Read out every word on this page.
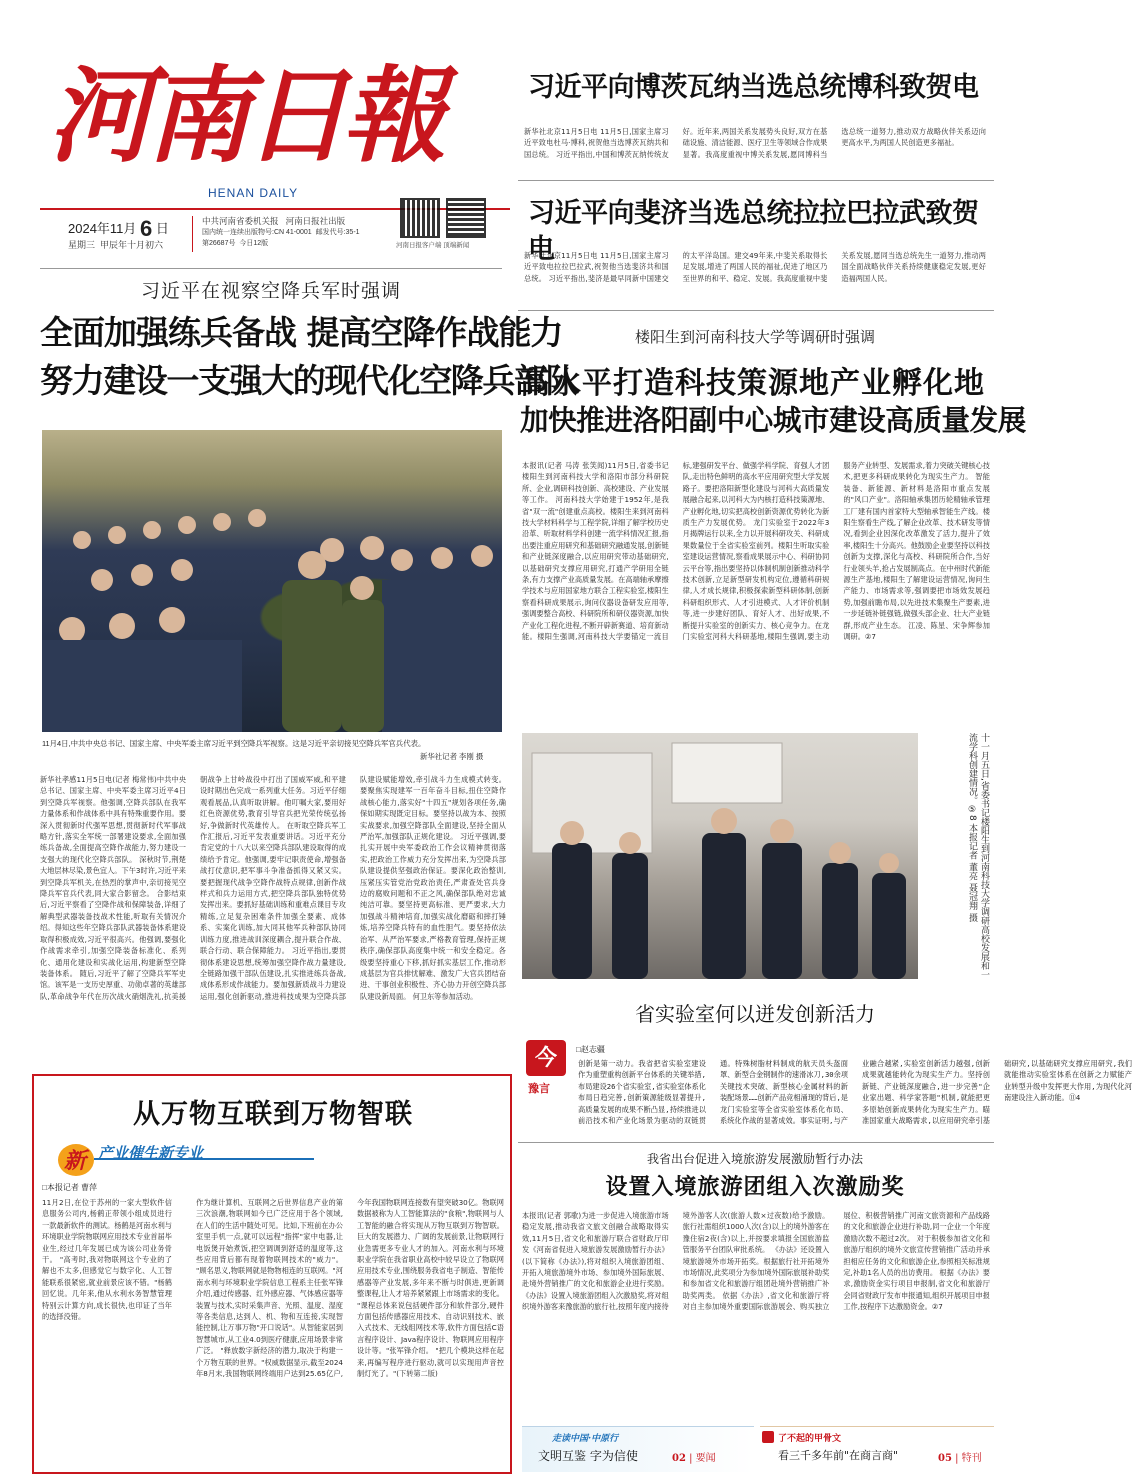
河南日報
HENAN DAILY
2024年11月 6 日
星期三 甲辰年十月初六
中共河南省委机关报 河南日报社出版
国内统一连续出版物号:CN 41-0001 邮发代号:35-1
第26687号 今日12版	河南日报客户端 顶端新闻
习近平向博茨瓦纳当选总统博科致贺电
新华社北京11月5日电 11月5日,国家主席习近平致电杜马·博科,祝贺他当选博茨瓦纳共和国总统。 习近平指出,中国和博茨瓦纳传统友好。近年来,两国关系发展势头良好,双方在基础设施、清洁能源、医疗卫生等领域合作成果显著。我高度重视中博关系发展,愿同博科当选总统一道努力,推动双方战略伙伴关系迈向更高水平,为两国人民创造更多福祉。
习近平向斐济当选总统拉拉巴拉武致贺电
新华社北京11月5日电 11月5日,国家主席习近平致电拉拉巴拉武,祝贺他当选斐济共和国总统。 习近平指出,斐济是最早同新中国建交的太平洋岛国。建交49年来,中斐关系取得长足发展,增进了两国人民的福祉,促进了地区乃至世界的和平、稳定、发展。我高度重视中斐关系发展,愿同当选总统先生一道努力,推动两国全面战略伙伴关系持续健康稳定发展,更好造福两国人民。
习近平在视察空降兵军时强调
全面加强练兵备战 提高空降作战能力
努力建设一支强大的现代化空降兵部队
11月4日,中共中央总书记、国家主席、中央军委主席习近平到空降兵军视察。这是习近平亲切接见空降兵军官兵代表。
新华社记者 李刚 摄
新华社孝感11月5日电(记者 梅常伟)中共中央总书记、国家主席、中央军委主席习近平4日到空降兵军视察。他强调,空降兵部队在我军力量体系和作战体系中具有特殊重要作用。要深入贯彻新时代强军思想,贯彻新时代军事战略方针,落实全军统一部署建设要求,全面加强练兵备战,全面提高空降作战能力,努力建设一支强大的现代化空降兵部队。 深秋时节,荆楚大地层林尽染,景色宜人。下午3时许,习近平来到空降兵军机关,在热烈的掌声中,亲切接见空降兵军官兵代表,同大家合影留念。 合影结束后,习近平察看了空降作战和保障装备,详细了解典型武器装备技战术性能,听取有关情况介绍。得知这些年空降兵部队武器装备体系建设取得积极成效,习近平很高兴。他强调,要强化作战需求牵引,加强空降装备标准化、系列化、通用化建设和实战化运用,构建新型空降装备体系。 随后,习近平了解了空降兵军军史馆。该军是一支历史厚重、功勋卓著的英雄部队,革命战争年代在历次战火硝烟洗礼,抗美援朝战争上甘岭战役中打出了国威军威,和平建设时期出色完成一系列重大任务。习近平仔细观看展品,认真听取讲解。他叮嘱大家,要用好红色资源优势,教育引导官兵把光荣传统弘扬好,争做新时代英雄传人。 在听取空降兵军工作汇报后,习近平发表重要讲话。习近平充分肯定党的十八大以来空降兵部队建设取得的成绩给予肯定。他强调,要牢记职责使命,增强备战打仗意识,把军事斗争准备抓得又紧又实。要把握现代战争空降作战特点规律,创新作战样式和兵力运用方式,把空降兵部队独特优势发挥出来。要抓好基础训练和重难点课目专攻精练,立足复杂困难条件加强全要素、成体系、实案化训练,加大同其他军兵种部队协同训练力度,推进战训深度耦合,提升联合作战、联合行动、联合保障能力。 习近平指出,要贯彻体系建设思想,统筹加强空降作战力量建设,全链路加强干部队伍建设,扎实推进练兵备战,成体系形成作战能力。要加强新质战斗力建设运用,强化创新驱动,推进科技成果为空降兵部队建设赋能增效,牵引战斗力生成模式转变。要聚焦实现建军一百年奋斗目标,扭住空降作战核心能力,落实好"十四五"规划各项任务,确保如期实现既定目标。要坚持以战为本、按照实战要求,加强空降部队全面建设,坚持全面从严治军,加强部队正规化建设。 习近平强调,要扎实开展中央军委政治工作会议精神贯彻落实,把政治工作威力充分发挥出来,为空降兵部队建设提供坚强政治保证。要深化政治整训,压紧压实管党治党政治责任,严肃查处官兵身边的腐败问题和不正之风,确保部队绝对忠诚纯洁可靠。要坚持更高标准、更严要求,大力加强战斗精神培育,加强实战化磨砺和摔打锤炼,培养空降兵特有的血性胆气。要坚持依法治军、从严治军要求,严格教育管理,保持正规秩序,确保部队高度集中统一和安全稳定。各级要坚持重心下移,抓好抓实基层工作,推动形成基层为官兵排忧解难、激发广大官兵团结奋进、干事创业积极性、齐心协力开创空降兵部队建设新局面。 何卫东等参加活动。
从万物互联到万物智联
新 产业催生新专业
□本报记者 曹萍
11月2日,在位于苏州的一家大型软件信息服务公司内,杨鹤正带领小组成员进行一款最新软件的测试。杨鹤是河南水利与环境职业学院物联网应用技术专业首届毕业生,经过几年发展已成为该公司业务骨干。 "高考时,我对物联网这个专业的了解也不太多,但感觉它与数字化、人工智能联系很紧密,就业前景应该不错。"杨鹤回忆说。几年来,他从水利水务智慧管理特别云计算方向,成长很快,也印证了当年的选择没错。
作为继计算机、互联网之后世界信息产业的第三次浪潮,物联网如今已广泛应用于各个领域,在人们的生活中随处可见。比如,下班前在办公室里手机一点,就可以远程"指挥"家中电器,让电饭煲开始煮饭,把空调调到舒适的温度等,这些应用背后都有现着物联网技术的"威力"。 "顾名思义,物联网就是物物相连的互联网。"河南水利与环境职业学院信息工程系主任张军锋介绍,通过传感器、红外感应器、气体感应器等装置与技术,实时采集声音、光照、温度、湿度等各类信息,达到人、机、物和互连接,实现智能控制,让万事万物"开口说话"。从智能家居到智慧城市,从工业4.0到医疗健康,应用场景非常广泛。 "释放数字新经济的潜力,取决于构建一个万物互联的世界。"权威数据显示,截至2024年8月末,我国物联网终端用户达到25.65亿户,今年我国物联网连接数有望突破30亿。物联网数据被称为人工智能算法的"食粮",物联网与人工智能的融合将实现从万物互联到万物智联。 巨大的发展潜力、广阔的发展前景,让物联网行业急需更多专业人才的加入。河南水利与环境职业学院在我省职业高校中较早设立了物联网应用技术专业,围绕服务我省电子制造、智能传感器等产业发展,多年来不断与时俱进,更新调整课程,让人才培养紧紧跟上市场需求的变化。 "课程总体来说包括硬件部分和软件部分,硬件方面包括传感器应用技术、自动识别技术、嵌入式技术、无线组网技术等,软件方面包括C语言程序设计、Java程序设计、物联网应用程序设计等。"张军锋介绍。 "把几个模块这样在起来,再编写程序进行驱动,就可以实现用声音控制灯光了。"(下转第二版)
楼阳生到河南科技大学等调研时强调
高水平打造科技策源地产业孵化地
加快推进洛阳副中心城市建设高质量发展
本报讯(记者 马涛 张笑闻)11月5日,省委书记楼阳生到河南科技大学和洛阳市部分科研院所、企业,调研科技创新、高校建设、产业发展等工作。 河南科技大学始建于1952年,是我省"双一流"创建重点高校。楼阳生来到河南科技大学材料科学与工程学院,详细了解学校历史沿革、听取材料学科创建一流学科情况汇报,指出要注重应用研究和基础研究融通发展,创新链和产业链深度融合,以应用研究带动基础研究,以基础研究支撑应用研究,打通产学研用全链条,有力支撑产业高质量发展。在高端轴承摩擦学技术与应用国家地方联合工程实验室,楼阳生察看科研成果展示,询问仪器设备研发应用等,强调要整合高校、科研院所和研仪器资源,加快产业化工程化进程,不断开辟新赛道、培育新动能。楼阳生强调,河南科技大学要锚定一流目标,建强研发平台、做强学科学院、育强人才团队,走出特色鲜明的高水平应用研究型大学发展路子。要把洛阳新型化建设与河科大高质量发展融合起来,以河科大为内核打造科技策源地、产业孵化地,切实把高校创新资源优势转化为新质生产力发展优势。 龙门实验室于2022年3月揭牌运行以来,全力以开展科研攻关、科研成果数量位于全省实验室前列。楼阳生听取实验室建设运营情况,察看成果展示中心、科研协同云平台等,指出要坚持以体制机制创新推动科学技术创新,立足新型研发机构定位,遵循科研规律,人才成长规律,积极探索新型科研体制,创新科研组织形式、人才引进模式、人才评价机制等,进一步建好团队、育好人才、出好成果,不断提升实验室的创新实力、核心竞争力。在龙门实验室河科大科研基地,楼阳生强调,要主动服务产业转型、发展需求,着力突破关键核心技术,把更多科研成果转化为现实生产力。 智能装备、新能源、新材料是洛阳市重点发展的"风口产业"。洛阳轴承集团历轮精轴承管理工厂建有国内首家特大型轴承智能生产线。楼阳生察看生产线,了解企业改革、技术研发等情况,看到企业因深化改革激发了活力,提升了效率,楼阳生十分高兴。他鼓励企业要坚持以科技创新为支撑,深化与高校、科研院所合作,当好行业领头羊,抢占发展制高点。在中州时代新能源生产基地,楼阳生了解建设运营情况,询问生产能力、市场需求等,强调要把市场效发展趋势,加强前瞻布局,以先进技术集聚生产要素,进一步延链补链强链,做强头部企业、壮大产业链群,形成产业生态。 江凌、陈星、宋争辉参加调研。②7
十一月五日,省委书记楼阳生到河南科技大学调研高校发展和一流学科创建情况。⑤8 本报记者 董亮 聂冠翔 摄
省实验室何以迸发创新活力
今
豫言
□赵志疆
创新是第一动力。我省把省实验室建设作为重塑重构创新平台体系的关键举措,布局建设26个省实验室,省实验室体系化布局日趋完善,创新策源能级显著提升,高质量发展的成果不断凸显,持续推进以前沿技术和产业化场景为驱动的双链贯通。特殊树脂材料制成的航天员头盔面罩、新型合金钢制作的速滑冰刀,30余项关键技术突破、新型核心金属材料的新装配场景……创新产品竞相涌现的背后,是龙门实验室等全省实验室体系化布局、系统化作战的显著成效。事实证明,与产业融合越紧,实验室创新活力越强,创新成果就越能转化为现实生产力。坚持创新链、产业链深度融合,进一步完善"企业家出题、科学家答题"机制,就能把更多原始创新成果转化为现实生产力。瞄准国家重大战略需求,以应用研究牵引基础研究,以基础研究支撑应用研究,我们就能推动实验室体系在创新之力赋能产业转型升级中发挥更大作用,为现代化河南建设注入新动能。⑪4
我省出台促进入境旅游发展激励暂行办法
设置入境旅游团组入次激励奖
本报讯(记者 郭歌)为进一步促进入境旅游市场稳定发展,推动我省文旅文创融合战略取得实效,11月5日,省文化和旅游厅联合省财政厅印发《河南省促进入境旅游发展激励暂行办法》(以下简称《办法》),将对组织入境旅游团组、开拓入境旅游境外市场、参加境外国际旅展、赴境外营销推广的文化和旅游企业进行奖励。 《办法》设置入境旅游团组入次激励奖,将对组织境外游客来豫旅游的旅行社,按照年度内接待境外游客人次(旅游人数×过夜数)给予激励。旅行社需组织1000人次(含)以上的境外游客在豫住宿2夜(含)以上,并按要求填报全国旅游监管服务平台团队审批系统。 《办法》还设置入境旅游境外市场开拓奖。根据旅行社开拓境外市场情况,此奖项分为参加境外国际旅展补助奖和参加省文化和旅游厅组团赴境外营销推广补助奖两类。 依据《办法》,省文化和旅游厅将对自主参加境外重要国际旅游展会、购买独立展位、积极营销推广河南文旅资源和产品线路的文化和旅游企业进行补助,同一企业一个年度激励次数不超过2次。 对于积极参加省文化和旅游厅组织的境外文旅宣传营销推广活动并承担相应任务的文化和旅游企业,参照相关标准规定,补助1名人员的出访费用。 根据《办法》要求,激励资金实行项目申报制,省文化和旅游厅会同省财政厅发布申报通知,组织开展项目申报工作,按程序下达激励资金。②7
走读中国·中原行
文明互鉴 字为信使	02 | 要闻
了不起的甲骨文
看三千多年前"在商言商"	05 | 特刊
